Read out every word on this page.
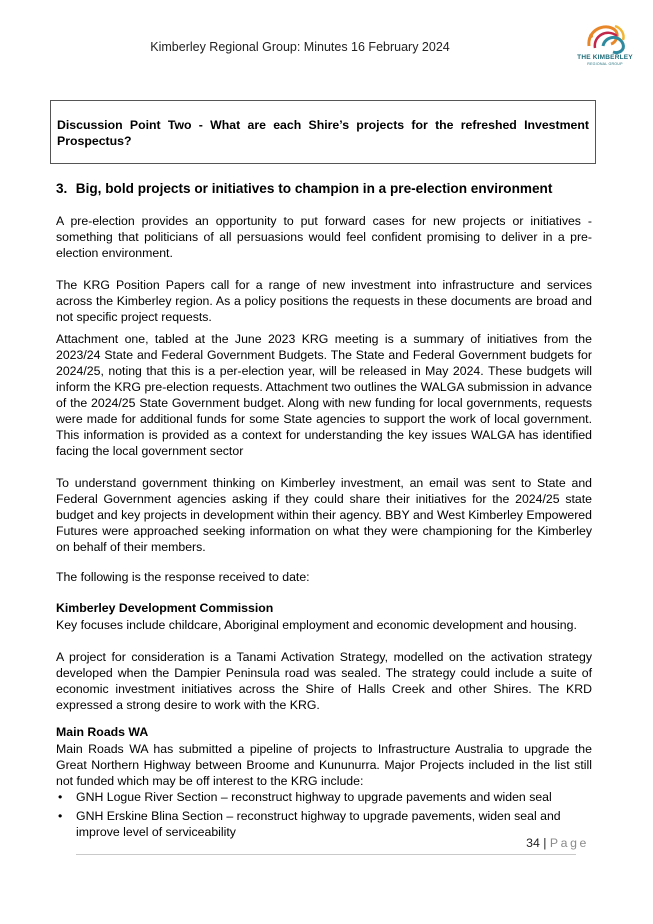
Kimberley Regional Group: Minutes 16 February 2024
THE KIMBERLEY
REGIONAL GROUP
Discussion Point Two - What are each Shire’s projects for the refreshed Investment Prospectus?
3. Big, bold projects or initiatives to champion in a pre-election environment
A pre-election provides an opportunity to put forward cases for new projects or initiatives - something that politicians of all persuasions would feel confident promising to deliver in a pre-election environment.
The KRG Position Papers call for a range of new investment into infrastructure and services across the Kimberley region. As a policy positions the requests in these documents are broad and not specific project requests.
Attachment one, tabled at the June 2023 KRG meeting is a summary of initiatives from the 2023/24 State and Federal Government Budgets. The State and Federal Government budgets for 2024/25, noting that this is a per-election year, will be released in May 2024. These budgets will inform the KRG pre-election requests. Attachment two outlines the WALGA submission in advance of the 2024/25 State Government budget. Along with new funding for local governments, requests were made for additional funds for some State agencies to support the work of local government. This information is provided as a context for understanding the key issues WALGA has identified facing the local government sector
To understand government thinking on Kimberley investment, an email was sent to State and Federal Government agencies asking if they could share their initiatives for the 2024/25 state budget and key projects in development within their agency. BBY and West Kimberley Empowered Futures were approached seeking information on what they were championing for the Kimberley on behalf of their members.
The following is the response received to date:
Kimberley Development Commission
Key focuses include childcare, Aboriginal employment and economic development and housing.
A project for consideration is a Tanami Activation Strategy, modelled on the activation strategy developed when the Dampier Peninsula road was sealed. The strategy could include a suite of economic investment initiatives across the Shire of Halls Creek and other Shires. The KRD expressed a strong desire to work with the KRG.
Main Roads WA
Main Roads WA has submitted a pipeline of projects to Infrastructure Australia to upgrade the Great Northern Highway between Broome and Kununurra. Major Projects included in the list still not funded which may be off interest to the KRG include:
• GNH Logue River Section – reconstruct highway to upgrade pavements and widen seal
• GNH Erskine Blina Section – reconstruct highway to upgrade pavements, widen seal and improve level of serviceability
34 | Page
